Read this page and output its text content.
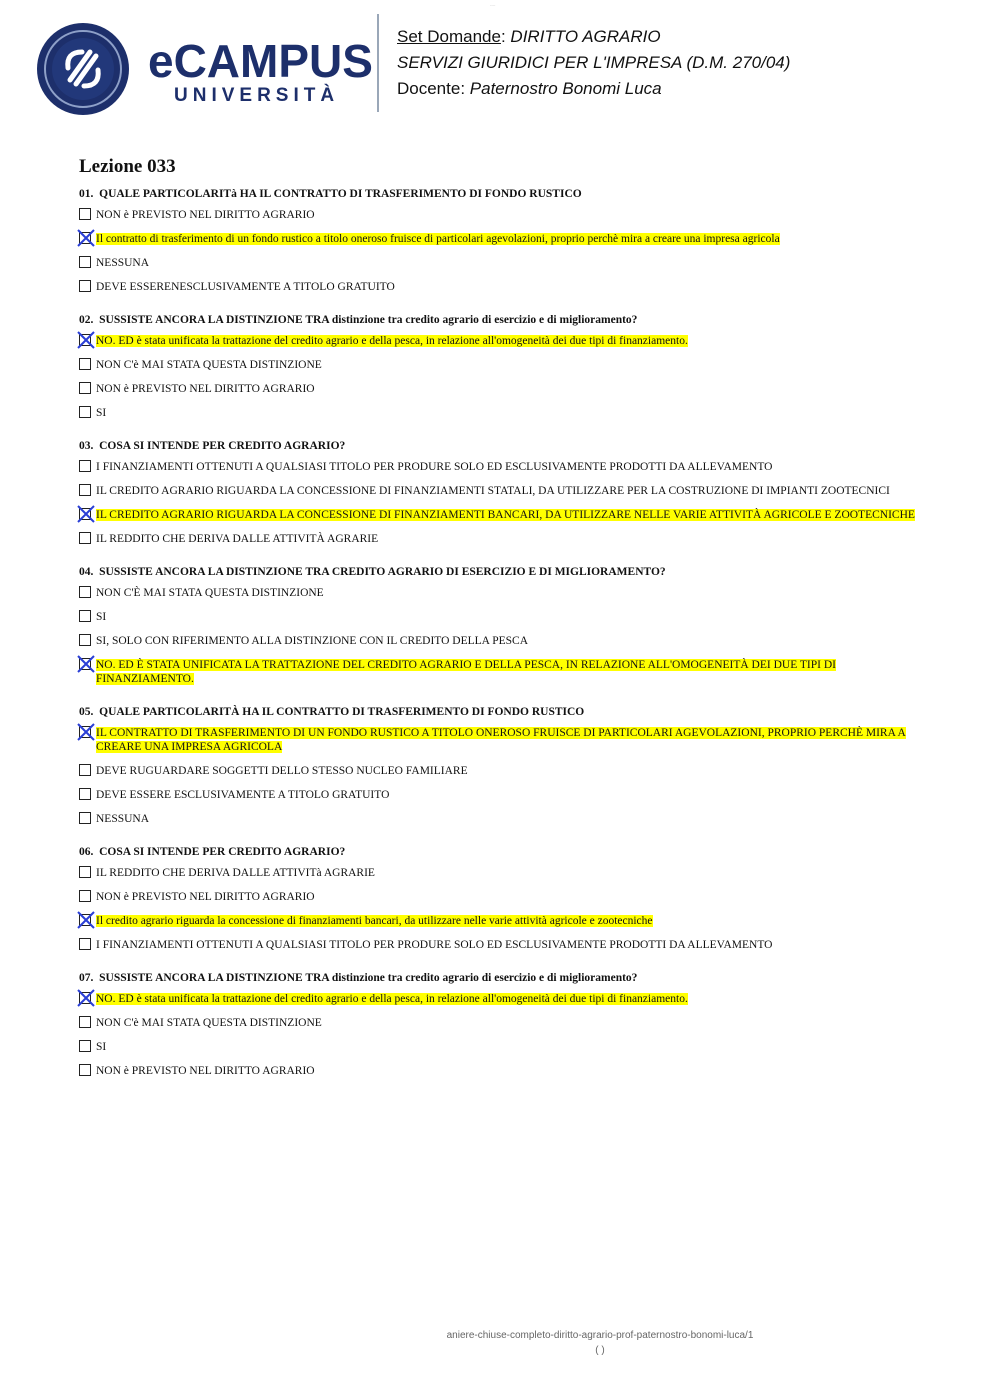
----
eCAMPUS
UNIVERSITÀ
Set Domande: DIRITTO AGRARIO
SERVIZI GIURIDICI PER L'IMPRESA (D.M. 270/04)
Docente: Paternostro Bonomi Luca
Lezione 033
01. QUALE PARTICOLARITà HA IL CONTRATTO DI TRASFERIMENTO DI FONDO RUSTICO
NON è PREVISTO NEL DIRITTO AGRARIO
Il contratto di trasferimento di un fondo rustico a titolo oneroso fruisce di particolari agevolazioni, proprio perchè mira a creare una impresa agricola
NESSUNA
DEVE ESSERENESCLUSIVAMENTE A TITOLO GRATUITO
02. SUSSISTE ANCORA LA DISTINZIONE TRA distinzione tra credito agrario di esercizio e di miglioramento?
NO. ED è stata unificata la trattazione del credito agrario e della pesca, in relazione all'omogeneità dei due tipi di finanziamento.
NON C'è MAI STATA QUESTA DISTINZIONE
NON è PREVISTO NEL DIRITTO AGRARIO
SI
03. COSA SI INTENDE PER CREDITO AGRARIO?
I FINANZIAMENTI OTTENUTI A QUALSIASI TITOLO PER PRODURE SOLO ED ESCLUSIVAMENTE PRODOTTI DA ALLEVAMENTO
IL CREDITO AGRARIO RIGUARDA LA CONCESSIONE DI FINANZIAMENTI STATALI, DA UTILIZZARE PER LA COSTRUZIONE DI IMPIANTI ZOOTECNICI
IL CREDITO AGRARIO RIGUARDA LA CONCESSIONE DI FINANZIAMENTI BANCARI, DA UTILIZZARE NELLE VARIE ATTIVITÀ AGRICOLE E ZOOTECNICHE
IL REDDITO CHE DERIVA DALLE ATTIVITÀ AGRARIE
04. SUSSISTE ANCORA LA DISTINZIONE TRA CREDITO AGRARIO DI ESERCIZIO E DI MIGLIORAMENTO?
NON C'È MAI STATA QUESTA DISTINZIONE
SI
SI, SOLO CON RIFERIMENTO ALLA DISTINZIONE CON IL CREDITO DELLA PESCA
NO. ED È STATA UNIFICATA LA TRATTAZIONE DEL CREDITO AGRARIO E DELLA PESCA, IN RELAZIONE ALL'OMOGENEITÀ DEI DUE TIPI DI FINANZIAMENTO.
05. QUALE PARTICOLARITÀ HA IL CONTRATTO DI TRASFERIMENTO DI FONDO RUSTICO
IL CONTRATTO DI TRASFERIMENTO DI UN FONDO RUSTICO A TITOLO ONEROSO FRUISCE DI PARTICOLARI AGEVOLAZIONI, PROPRIO PERCHÈ MIRA A CREARE UNA IMPRESA AGRICOLA
DEVE RUGUARDARE SOGGETTI DELLO STESSO NUCLEO FAMILIARE
DEVE ESSERE ESCLUSIVAMENTE A TITOLO GRATUITO
NESSUNA
06. COSA SI INTENDE PER CREDITO AGRARIO?
IL REDDITO CHE DERIVA DALLE ATTIVITà AGRARIE
NON è PREVISTO NEL DIRITTO AGRARIO
Il credito agrario riguarda la concessione di finanziamenti bancari, da utilizzare nelle varie attività agricole e zootecniche
I FINANZIAMENTI OTTENUTI A QUALSIASI TITOLO PER PRODURE SOLO ED ESCLUSIVAMENTE PRODOTTI DA ALLEVAMENTO
07. SUSSISTE ANCORA LA DISTINZIONE TRA distinzione tra credito agrario di esercizio e di miglioramento?
NO. ED è stata unificata la trattazione del credito agrario e della pesca, in relazione all'omogeneità dei due tipi di finanziamento.
NON C'è MAI STATA QUESTA DISTINZIONE
SI
NON è PREVISTO NEL DIRITTO AGRARIO
aniere-chiuse-completo-diritto-agrario-prof-paternostro-bonomi-luca/1
( )
